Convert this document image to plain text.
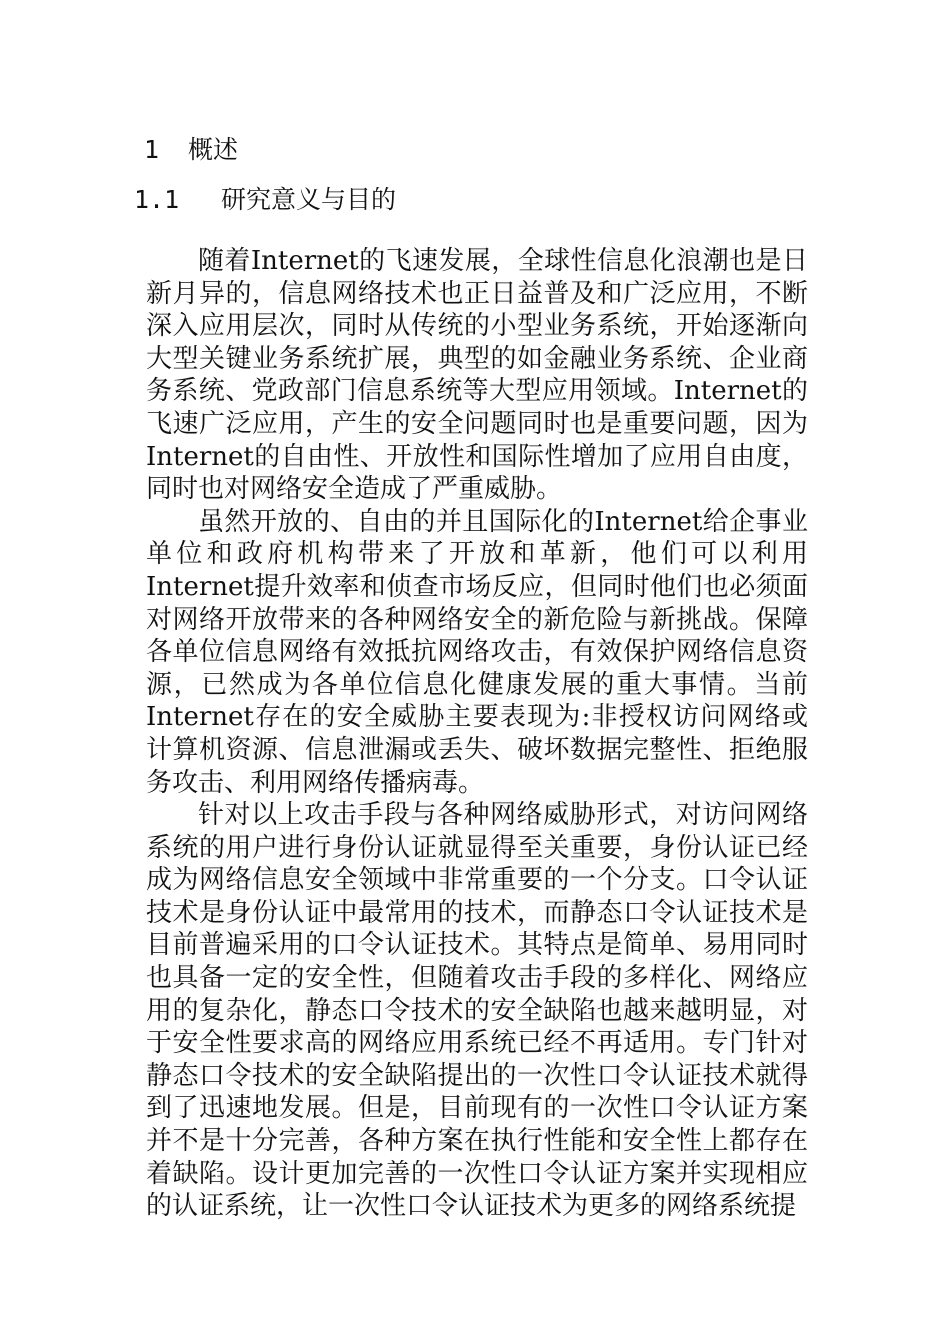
1 概述
1.1 研究意义与目的

随着Internet的飞速发展，全球性信息化浪潮也是日新月异的，信息网络技术也正日益普及和广泛应用，不断深入应用层次，同时从传统的小型业务系统，开始逐渐向大型关键业务系统扩展，典型的如金融业务系统、企业商务系统、党政部门信息系统等大型应用领域。Internet的飞速广泛应用，产生的安全问题同时也是重要问题，因为Internet的自由性、开放性和国际性增加了应用自由度，同时也对网络安全造成了严重威胁。

虽然开放的、自由的并且国际化的Internet给企事业单位和政府机构带来了开放和革新，他们可以利用Internet提升效率和侦查市场反应，但同时他们也必须面对网络开放带来的各种网络安全的新危险与新挑战。保障各单位信息网络有效抵抗网络攻击，有效保护网络信息资源，已然成为各单位信息化健康发展的重大事情。当前Internet存在的安全威胁主要表现为:非授权访问网络或计算机资源、信息泄漏或丢失、破坏数据完整性、拒绝服务攻击、利用网络传播病毒。

针对以上攻击手段与各种网络威胁形式，对访问网络系统的用户进行身份认证就显得至关重要，身份认证已经成为网络信息安全领域中非常重要的一个分支。口令认证技术是身份认证中最常用的技术，而静态口令认证技术是目前普遍采用的口令认证技术。其特点是简单、易用同时也具备一定的安全性，但随着攻击手段的多样化、网络应用的复杂化，静态口令技术的安全缺陷也越来越明显，对于安全性要求高的网络应用系统已经不再适用。专门针对静态口令技术的安全缺陷提出的一次性口令认证技术就得到了迅速地发展。但是，目前现有的一次性口令认证方案并不是十分完善，各种方案在执行性能和安全性上都存在着缺陷。设计更加完善的一次性口令认证方案并实现相应的认证系统，让一次性口令认证技术为更多的网络系统提
